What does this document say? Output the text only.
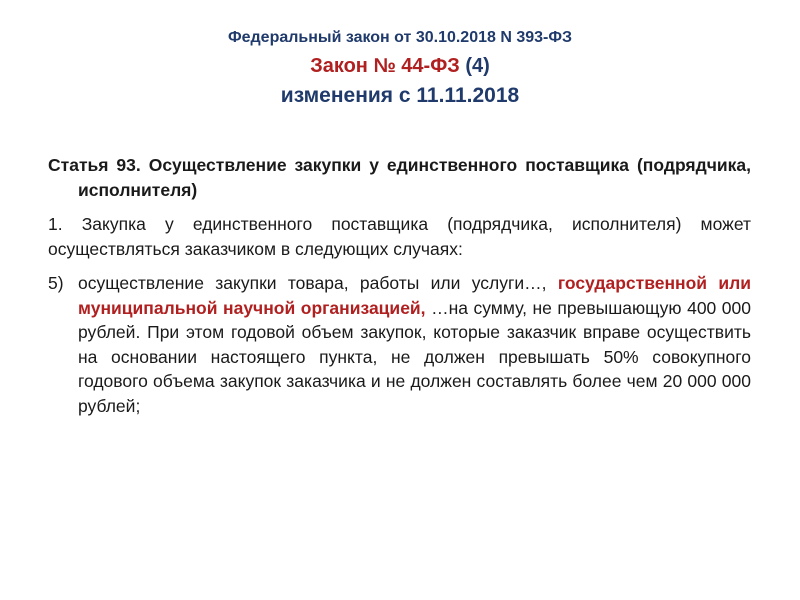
Федеральный закон от 30.10.2018 N 393-ФЗ
Закон № 44-ФЗ (4)
изменения с 11.11.2018

Статья 93. Осуществление закупки у единственного поставщика (подрядчика, исполнителя)

1. Закупка у единственного поставщика (подрядчика, исполнителя) может осуществляться заказчиком в следующих случаях:

5) осуществление закупки товара, работы или услуги…, государственной или муниципальной научной организацией, …на сумму, не превышающую 400 000 рублей. При этом годовой объем закупок, которые заказчик вправе осуществить на основании настоящего пункта, не должен превышать 50% совокупного годового объема закупок заказчика и не должен составлять более чем 20 000 000 рублей;
